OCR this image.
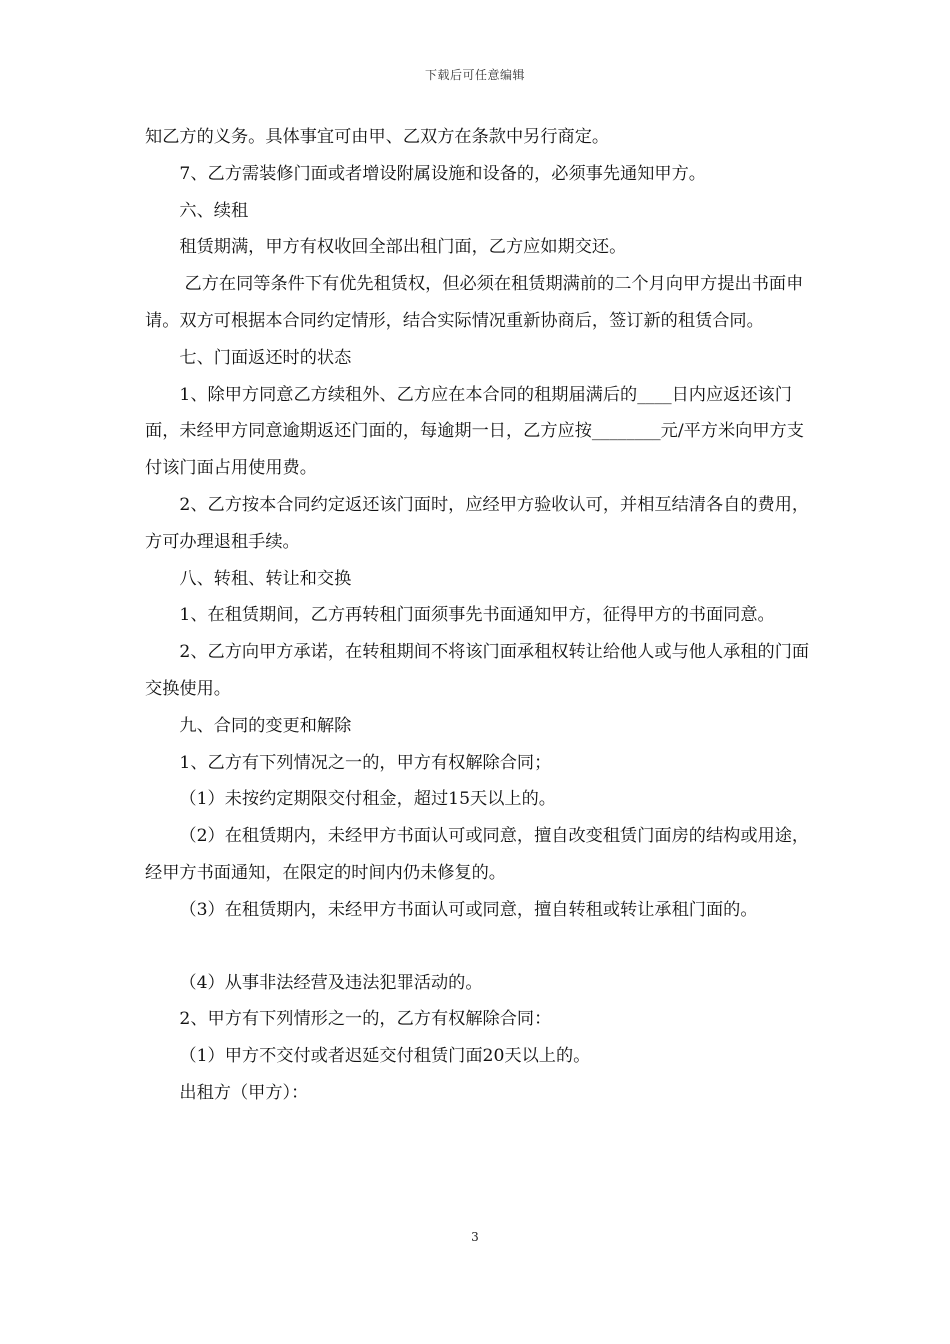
下载后可任意编辑

知乙方的义务。具体事宜可由甲、乙双方在条款中另行商定。

7、乙方需装修门面或者增设附属设施和设备的，必须事先通知甲方。

六、续租

租赁期满，甲方有权收回全部出租门面，乙方应如期交还。

乙方在同等条件下有优先租赁权，但必须在租赁期满前的二个月向甲方提出书面申请。双方可根据本合同约定情形，结合实际情况重新协商后，签订新的租赁合同。

七、门面返还时的状态

1、除甲方同意乙方续租外、乙方应在本合同的租期届满后的____日内应返还该门面，未经甲方同意逾期返还门面的，每逾期一日，乙方应按________元/平方米向甲方支付该门面占用使用费。

2、乙方按本合同约定返还该门面时，应经甲方验收认可，并相互结清各自的费用，方可办理退租手续。

八、转租、转让和交换

1、在租赁期间，乙方再转租门面须事先书面通知甲方，征得甲方的书面同意。

2、乙方向甲方承诺，在转租期间不将该门面承租权转让给他人或与他人承租的门面交换使用。

九、合同的变更和解除

1、乙方有下列情况之一的，甲方有权解除合同；

（1）未按约定期限交付租金，超过15天以上的。

（2）在租赁期内，未经甲方书面认可或同意，擅自改变租赁门面房的结构或用途，经甲方书面通知，在限定的时间内仍未修复的。

（3）在租赁期内，未经甲方书面认可或同意，擅自转租或转让承租门面的。

（4）从事非法经营及违法犯罪活动的。

2、甲方有下列情形之一的，乙方有权解除合同：

（1）甲方不交付或者迟延交付租赁门面20天以上的。

出租方（甲方）：

3
